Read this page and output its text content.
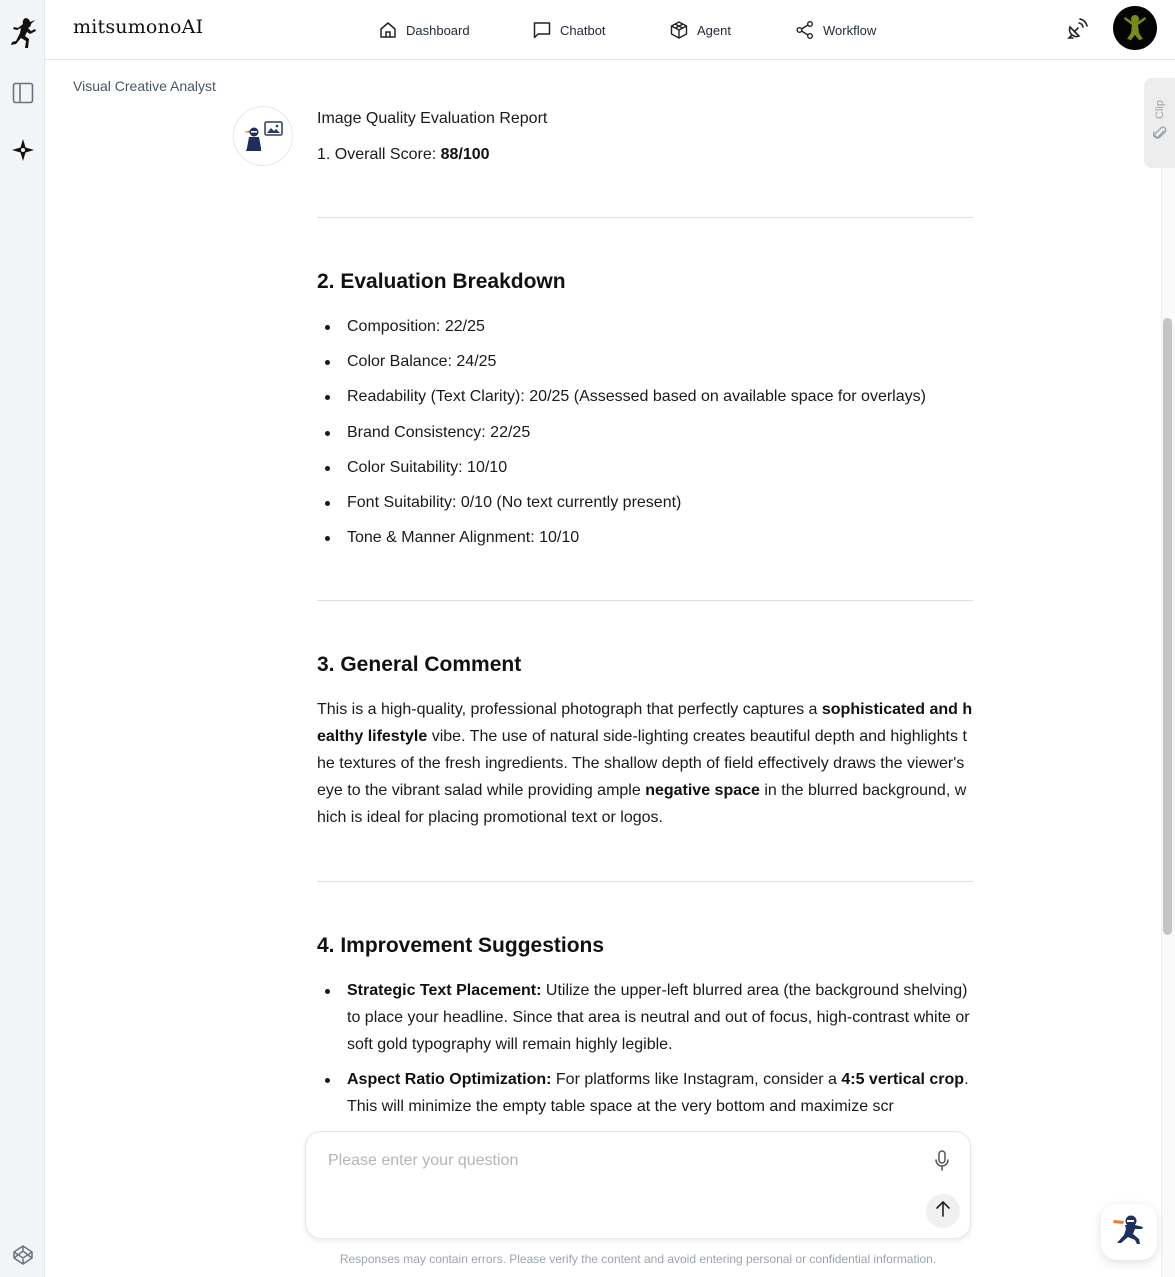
mitsumonoAI	Dashboard	Chatbot	Agent	Workflow
Visual Creative Analyst
Clip

Image Quality Evaluation Report

1. Overall Score: 88/100

2. Evaluation Breakdown
Composition: 22/25
Color Balance: 24/25
Readability (Text Clarity): 20/25 (Assessed based on available space for overlays)
Brand Consistency: 22/25
Color Suitability: 10/10
Font Suitability: 0/10 (No text currently present)
Tone & Manner Alignment: 10/10
3. General Comment

This is a high-quality, professional photograph that perfectly captures a sophisticated and healthy lifestyle vibe. The use of natural side-lighting creates beautiful depth and highlights the textures of the fresh ingredients. The shallow depth of field effectively draws the viewer's eye to the vibrant salad while providing ample negative space in the blurred background, which is ideal for placing promotional text or logos.

4. Improvement Suggestions
Strategic Text Placement: Utilize the upper-left blurred area (the background shelving) to place your headline. Since that area is neutral and out of focus, high-contrast white or soft gold typography will remain highly legible.
Aspect Ratio Optimization: For platforms like Instagram, consider a 4:5 vertical crop. This will minimize the empty table space at the very bottom and maximize scr
Please enter your question
Responses may contain errors. Please verify the content and avoid entering personal or confidential information.
